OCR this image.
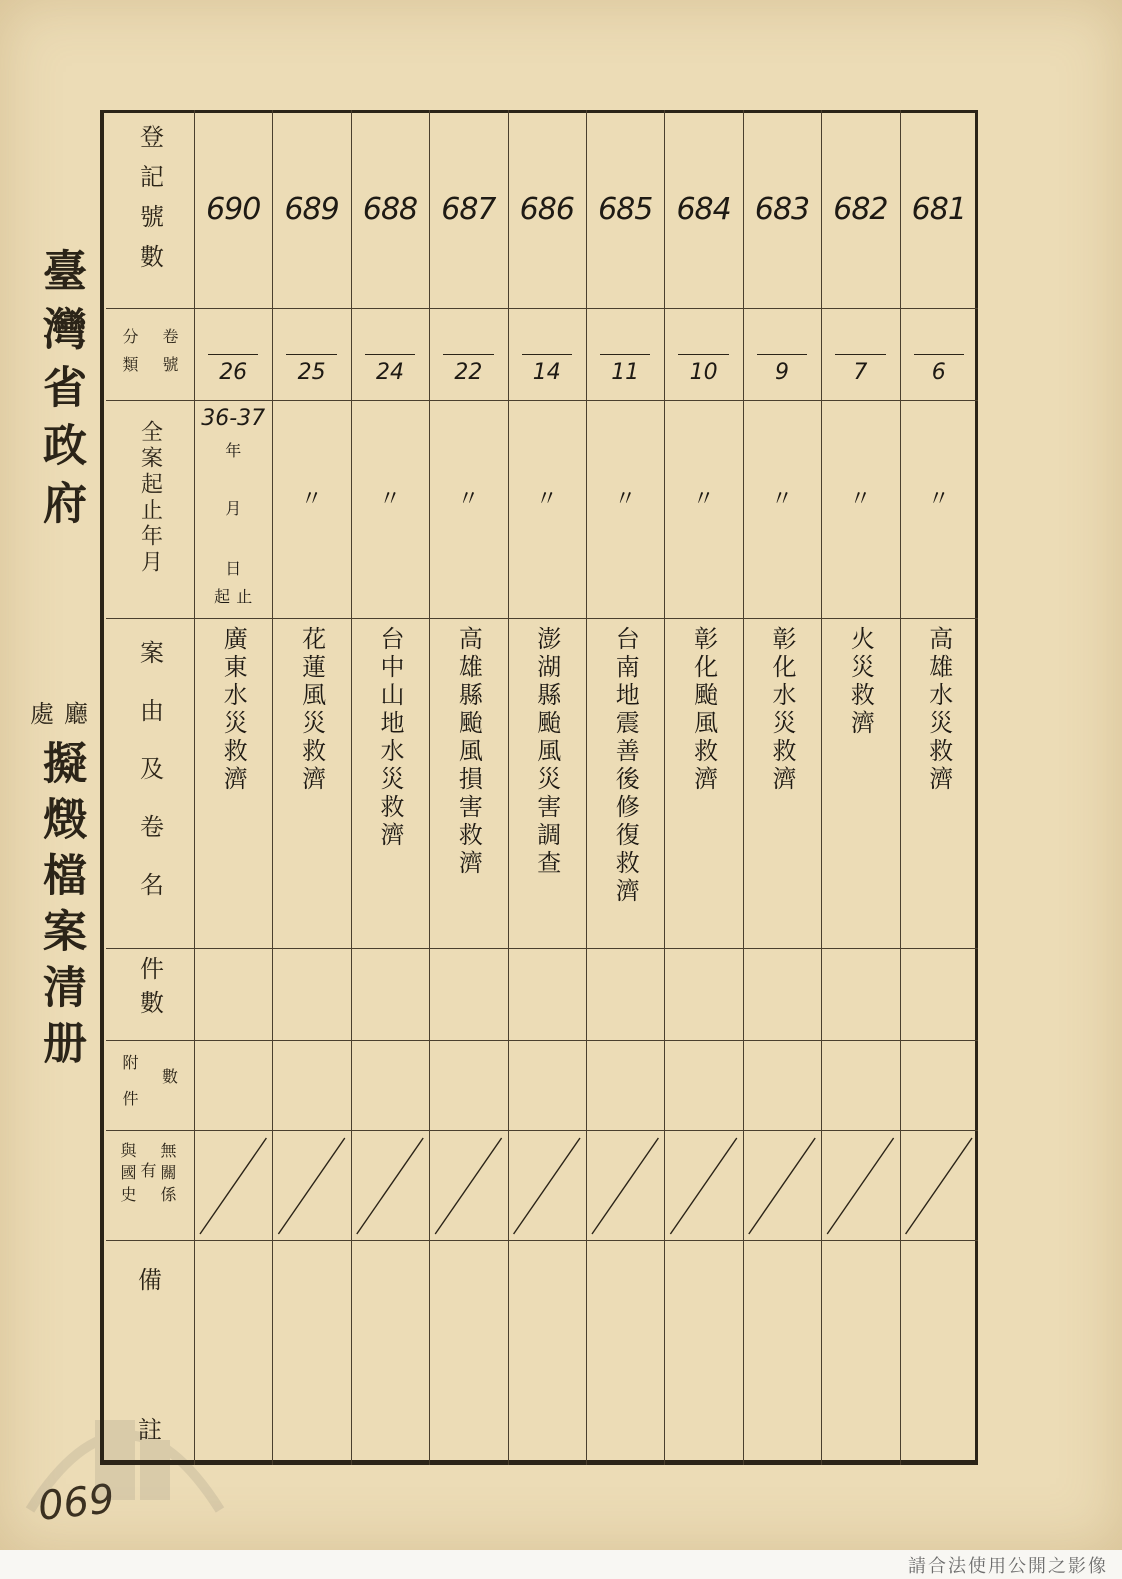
臺灣省政府
處 廳
擬燬檔案清册
069
登記號數
分類 卷號
全案起止年月
案由及卷名
件數
附件 數
無關係
有
與國史
備
註
690
26
36-37
年
月
日
起 止
廣東水災救濟
689
25
〃
花蓮風災救濟
688
24
〃
台中山地水災救濟
687
22
〃
高雄縣颱風損害救濟
686
14
〃
澎湖縣颱風災害調查
685
11
〃
台南地震善後修復救濟
684
10
〃
彰化颱風救濟
683
9
〃
彰化水災救濟
682
7
〃
火災救濟
681
6
〃
高雄水災救濟
請合法使用公開之影像
